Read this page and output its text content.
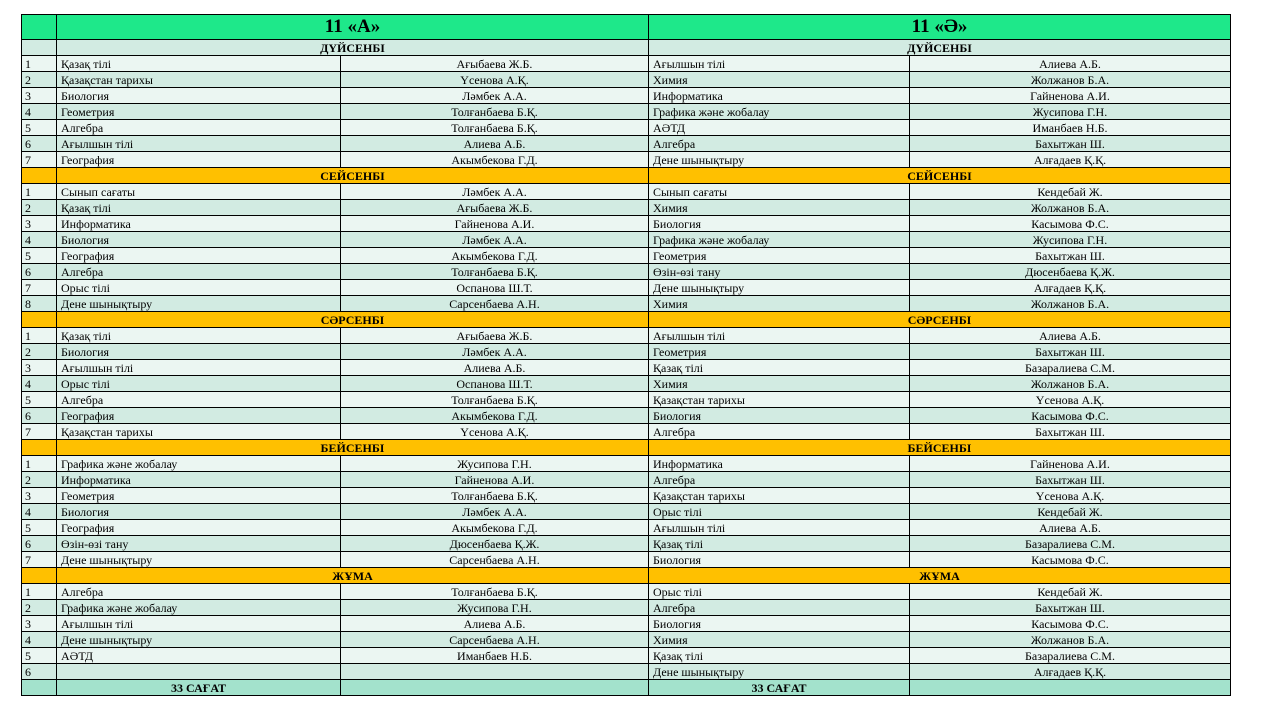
	11 «А»		11 «Ә»	
	ДҮЙСЕНБІ		ДҮЙСЕНБІ	
1	Қазақ тілі	Ағыбаева Ж.Б.	Ағылшын тілі	Алиева А.Б.
2	Қазақстан тарихы	Үсенова А.Қ.	Химия	Жолжанов Б.А.
3	Биология	Ләмбек А.А.	Информатика	Гайненова А.И.
4	Геометрия	Толғанбаева Б.Қ.	Графика және жобалау	Жусипова Г.Н.
5	Алгебра	Толғанбаева Б.Қ.	АӘТД	Иманбаев Н.Б.
6	Ағылшын тілі	Алиева А.Б.	Алгебра	Бахытжан Ш.
7	География	Акымбекова Г.Д.	Дене шынықтыру	Алғадаев Қ.Қ.
	СЕЙСЕНБІ		СЕЙСЕНБІ	
1	Сынып сағаты	Ләмбек А.А.	Сынып сағаты	Кендебай Ж.
2	Қазақ тілі	Ағыбаева Ж.Б.	Химия	Жолжанов Б.А.
3	Информатика	Гайненова А.И.	Биология	Касымова Ф.С.
4	Биология	Ләмбек А.А.	Графика және жобалау	Жусипова Г.Н.
5	География	Акымбекова Г.Д.	Геометрия	Бахытжан Ш.
6	Алгебра	Толғанбаева Б.Қ.	Өзін-өзі тану	Дюсенбаева Қ.Ж.
7	Орыс тілі	Оспанова Ш.Т.	Дене шынықтыру	Алғадаев Қ.Қ.
8	Дене шынықтыру	Сарсенбаева А.Н.	Химия	Жолжанов Б.А.
	СӘРСЕНБІ		СӘРСЕНБІ	
1	Қазақ тілі	Ағыбаева Ж.Б.	Ағылшын тілі	Алиева А.Б.
2	Биология	Ләмбек А.А.	Геометрия	Бахытжан Ш.
3	Ағылшын тілі	Алиева А.Б.	Қазақ тілі	Базаралиева С.М.
4	Орыс тілі	Оспанова Ш.Т.	Химия	Жолжанов Б.А.
5	Алгебра	Толғанбаева Б.Қ.	Қазақстан тарихы	Үсенова А.Қ.
6	География	Акымбекова Г.Д.	Биология	Касымова Ф.С.
7	Қазақстан тарихы	Үсенова А.Қ.	Алгебра	Бахытжан Ш.
	БЕЙСЕНБІ		БЕЙСЕНБІ	
1	Графика және жобалау	Жусипова Г.Н.	Информатика	Гайненова А.И.
2	Информатика	Гайненова А.И.	Алгебра	Бахытжан Ш.
3	Геометрия	Толғанбаева Б.Қ.	Қазақстан тарихы	Үсенова А.Қ.
4	Биология	Ләмбек А.А.	Орыс тілі	Кендебай Ж.
5	География	Акымбекова Г.Д.	Ағылшын тілі	Алиева А.Б.
6	Өзін-өзі тану	Дюсенбаева Қ.Ж.	Қазақ тілі	Базаралиева С.М.
7	Дене шынықтыру	Сарсенбаева А.Н.	Биология	Касымова Ф.С.
	ЖҰМА		ЖҰМА	
1	Алгебра	Толғанбаева Б.Қ.	Орыс тілі	Кендебай Ж.
2	Графика және жобалау	Жусипова Г.Н.	Алгебра	Бахытжан Ш.
3	Ағылшын тілі	Алиева А.Б.	Биология	Касымова Ф.С.
4	Дене шынықтыру	Сарсенбаева А.Н.	Химия	Жолжанов Б.А.
5	АӘТД	Иманбаев Н.Б.	Қазақ тілі	Базаралиева С.М.
6			Дене шынықтыру	Алғадаев Қ.Қ.
	33 САҒАТ		33 САҒАТ	
